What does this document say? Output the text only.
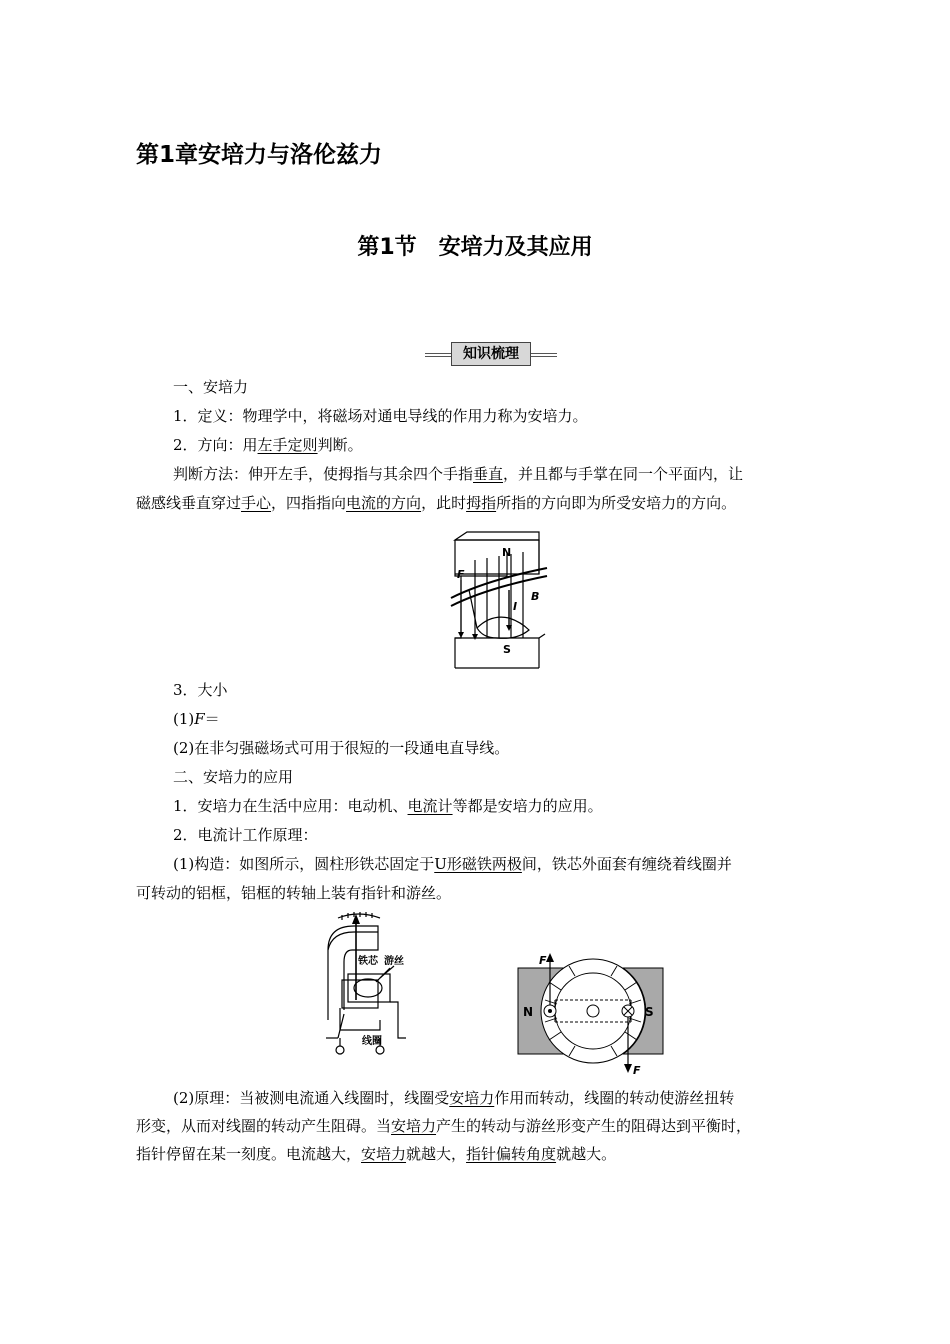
第1章安培力与洛伦兹力
第1节　安培力及其应用
知识梳理
一、安培力
1．定义：物理学中，将磁场对通电导线的作用力称为安培力。
2．方向：用左手定则判断。
判断方法：伸开左手，使拇指与其余四个手指垂直，并且都与手掌在同一个平面内，让
磁感线垂直穿过手心，四指指向电流的方向，此时拇指所指的方向即为所受安培力的方向。
N
S
F
I
B
3．大小
(1)F＝
(2)在非匀强磁场式可用于很短的一段通电直导线。
二、安培力的应用
1．安培力在生活中应用：电动机、电流计等都是安培力的应用。
2．电流计工作原理：
(1)构造：如图所示，圆柱形铁芯固定于U形磁铁两极间，铁芯外面套有缠绕着线圈并
可转动的铝框，铝框的转轴上装有指针和游丝。
铁芯 游丝
线圈
N	S
F
F
(2)原理：当被测电流通入线圈时，线圈受安培力作用而转动，线圈的转动使游丝扭转
形变，从而对线圈的转动产生阻碍。当安培力产生的转动与游丝形变产生的阻碍达到平衡时，
指针停留在某一刻度。电流越大，安培力就越大，指针偏转角度就越大。
